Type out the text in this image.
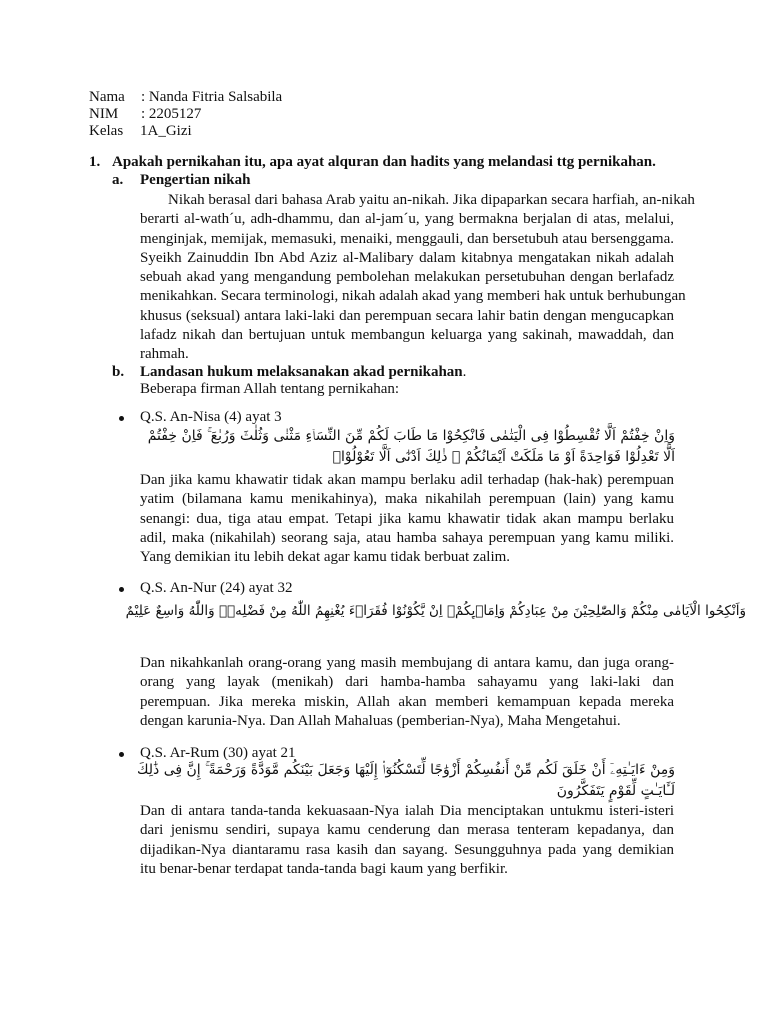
Nama : Nanda Fitria Salsabila
NIM : 2205127
Kelas 1A_Gizi
1. Apakah pernikahan itu, apa ayat alquran dan hadits yang melandasi ttg pernikahan.
a. Pengertian nikah
Nikah berasal dari bahasa Arab yaitu an-nikah. Jika dipaparkan secara harfiah, an-nikah
berarti al-wath´u, adh-dhammu, dan al-jam´u, yang bermakna berjalan di atas, melalui,
menginjak, memijak, memasuki, menaiki, menggauli, dan bersetubuh atau bersenggama.
Syeikh Zainuddin Ibn Abd Aziz al-Malibary dalam kitabnya mengatakan nikah adalah
sebuah akad yang mengandung pembolehan melakukan persetubuhan dengan berlafadz
menikahkan. Secara terminologi, nikah adalah akad yang memberi hak untuk berhubungan
khusus (seksual) antara laki-laki dan perempuan secara lahir batin dengan mengucapkan
lafadz nikah dan bertujuan untuk membangun keluarga yang sakinah, mawaddah, dan
rahmah.
b. Landasan hukum melaksanakan akad pernikahan.
Beberapa firman Allah tentang pernikahan:
Q.S. An-Nisa (4) ayat 3
وَاِنْ خِفْتُمْ اَلَّا تُقْسِطُوْا فِى الْيَتٰمٰى فَانْكِحُوْا مَا طَابَ لَكُمْ مِّنَ النِّسَاۤءِ مَثْنٰى وَثُلٰثَ وَرُبٰعَ ۚ فَاِنْ خِفْتُمْ
اَلَّا تَعْدِلُوْا فَوَاحِدَةً اَوْ مَا مَلَكَتْ اَيْمَانُكُمْ ۗ ذٰلِكَ اَدْنٰٓى اَلَّا تَعُوْلُوْاۗ
Dan jika kamu khawatir tidak akan mampu berlaku adil terhadap (hak-hak) perempuan
yatim (bilamana kamu menikahinya), maka nikahilah perempuan (lain) yang kamu
senangi: dua, tiga atau empat. Tetapi jika kamu khawatir tidak akan mampu berlaku
adil, maka (nikahilah) seorang saja, atau hamba sahaya perempuan yang kamu miliki.
Yang demikian itu lebih dekat agar kamu tidak berbuat zalim.
Q.S. An-Nur (24) ayat 32
وَاَنْكِحُوا الْاَيَامٰى مِنْكُمْ وَالصّٰلِحِيْنَ مِنْ عِبَادِكُمْ وَاِمَاۤىِٕكُمْۗ اِنْ يَّكُوْنُوْا فُقَرَاۤءَ يُغْنِهِمُ اللّٰهُ مِنْ فَضْلِهٖۗ وَاللّٰهُ وَاسِعٌ عَلِيْمٌ
Dan nikahkanlah orang-orang yang masih membujang di antara kamu, dan juga orang-
orang yang layak (menikah) dari hamba-hamba sahayamu yang laki-laki dan
perempuan. Jika mereka miskin, Allah akan memberi kemampuan kepada mereka
dengan karunia-Nya. Dan Allah Mahaluas (pemberian-Nya), Maha Mengetahui.
Q.S. Ar-Rum (30) ayat 21
وَمِنْ ءَايَـٰتِهِۦٓ أَنْ خَلَقَ لَكُم مِّنْ أَنفُسِكُمْ أَزْوَٰجًا لِّتَسْكُنُوٓا۟ إِلَيْهَا وَجَعَلَ بَيْنَكُم مَّوَدَّةً وَرَحْمَةً ۚ إِنَّ فِى ذَٰلِكَ
لَـَٔايَـٰتٍ لِّقَوْمٍ يَتَفَكَّرُونَ
Dan di antara tanda-tanda kekuasaan-Nya ialah Dia menciptakan untukmu isteri-isteri
dari jenismu sendiri, supaya kamu cenderung dan merasa tenteram kepadanya, dan
dijadikan-Nya diantaramu rasa kasih dan sayang. Sesungguhnya pada yang demikian
itu benar-benar terdapat tanda-tanda bagi kaum yang berfikir.
